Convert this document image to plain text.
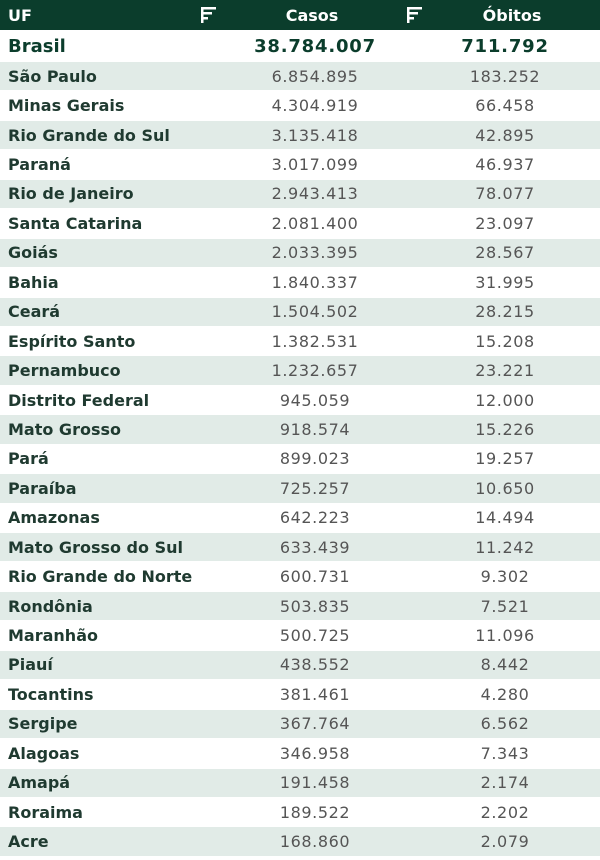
UF	Casos	Óbitos
Brasil	38.784.007	711.792
São Paulo	6.854.895	183.252
Minas Gerais	4.304.919	66.458
Rio Grande do Sul	3.135.418	42.895
Paraná	3.017.099	46.937
Rio de Janeiro	2.943.413	78.077
Santa Catarina	2.081.400	23.097
Goiás	2.033.395	28.567
Bahia	1.840.337	31.995
Ceará	1.504.502	28.215
Espírito Santo	1.382.531	15.208
Pernambuco	1.232.657	23.221
Distrito Federal	945.059	12.000
Mato Grosso	918.574	15.226
Pará	899.023	19.257
Paraíba	725.257	10.650
Amazonas	642.223	14.494
Mato Grosso do Sul	633.439	11.242
Rio Grande do Norte	600.731	9.302
Rondônia	503.835	7.521
Maranhão	500.725	11.096
Piauí	438.552	8.442
Tocantins	381.461	4.280
Sergipe	367.764	6.562
Alagoas	346.958	7.343
Amapá	191.458	2.174
Roraima	189.522	2.202
Acre	168.860	2.079
